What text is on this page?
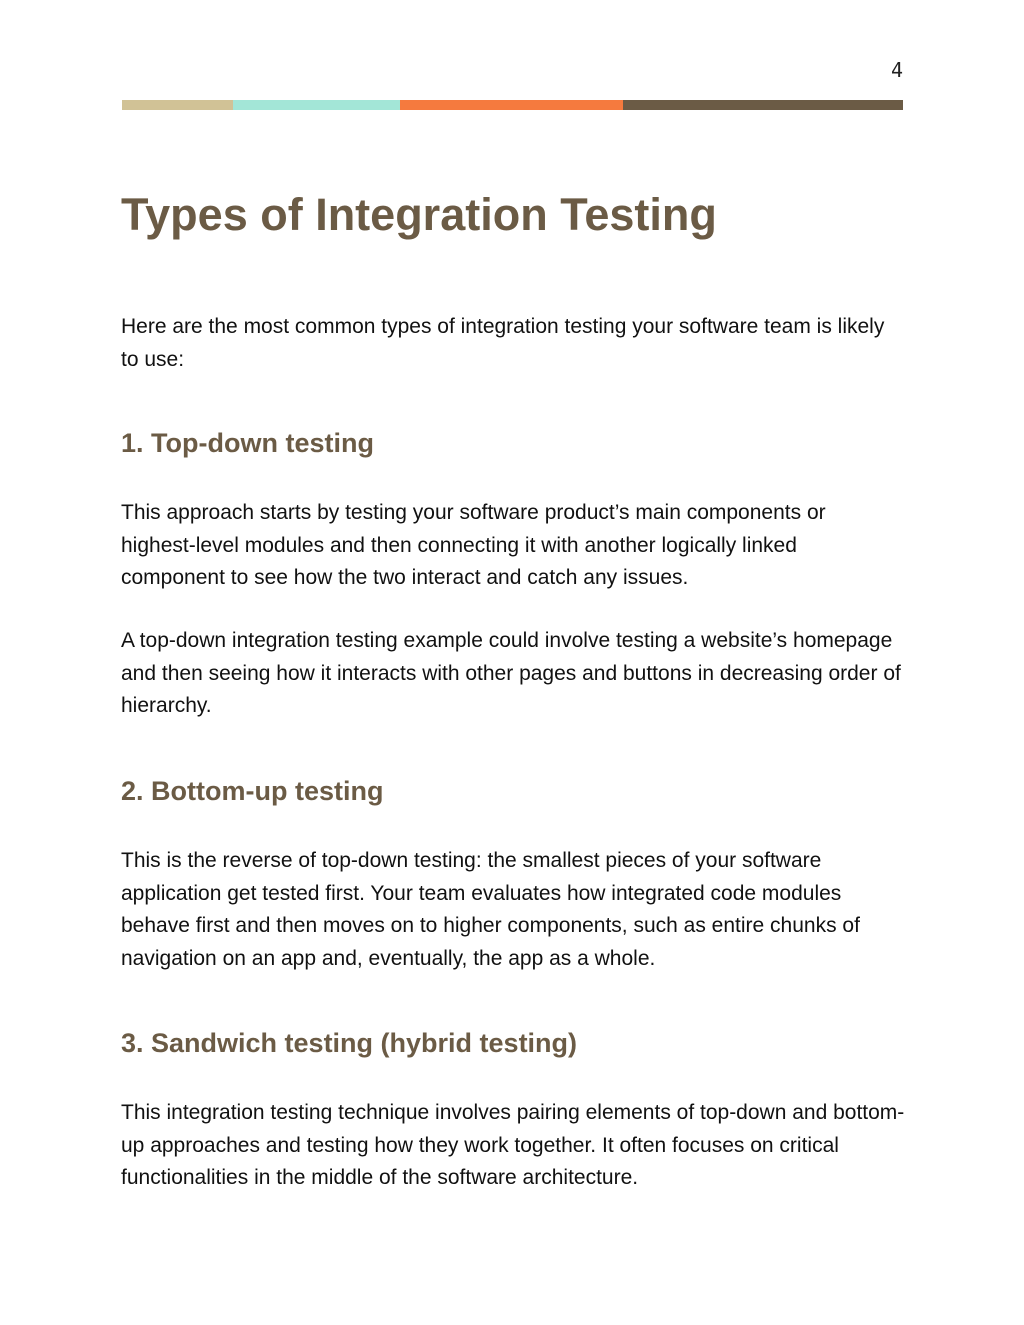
4
Types of Integration Testing

Here are the most common types of integration testing your software team is likely to use:

1. Top-down testing

This approach starts by testing your software product’s main components or highest-level modules and then connecting it with another logically linked component to see how the two interact and catch any issues.

A top-down integration testing example could involve testing a website’s homepage and then seeing how it interacts with other pages and buttons in decreasing order of hierarchy.

2. Bottom-up testing

This is the reverse of top-down testing: the smallest pieces of your software application get tested first. Your team evaluates how integrated code modules behave first and then moves on to higher components, such as entire chunks of navigation on an app and, eventually, the app as a whole.

3. Sandwich testing (hybrid testing)

This integration testing technique involves pairing elements of top-down and bottom-up approaches and testing how they work together. It often focuses on critical functionalities in the middle of the software architecture.
